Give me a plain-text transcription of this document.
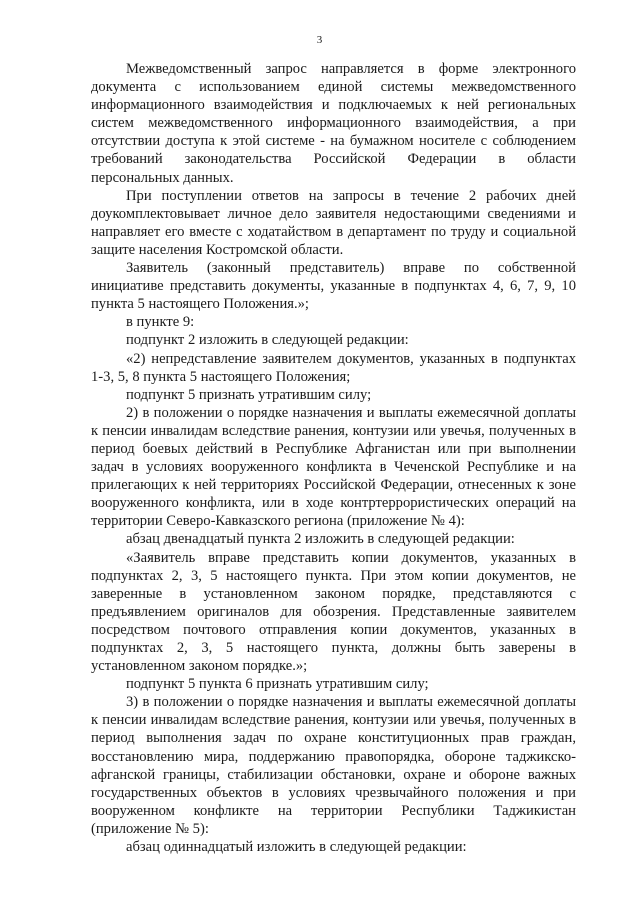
3

Межведомственный запрос направляется в форме электронного документа с использованием единой системы межведомственного информационного взаимодействия и подключаемых к ней региональных систем межведомственного информационного взаимодействия, а при отсутствии доступа к этой системе - на бумажном носителе с соблюдением требований законодательства Российской Федерации в области персональных данных.

При поступлении ответов на запросы в течение 2 рабочих дней доукомплектовывает личное дело заявителя недостающими сведениями и направляет его вместе с ходатайством в департамент по труду и социальной защите населения Костромской области.

Заявитель (законный представитель) вправе по собственной инициативе представить документы, указанные в подпунктах 4, 6, 7, 9, 10 пункта 5 настоящего Положения.»;

в пункте 9:

подпункт 2 изложить в следующей редакции:

«2) непредставление заявителем документов, указанных в подпунктах 1-3, 5, 8 пункта 5 настоящего Положения;

подпункт 5 признать утратившим силу;

2) в положении о порядке назначения и выплаты ежемесячной доплаты к пенсии инвалидам вследствие ранения, контузии или увечья, полученных в период боевых действий в Республике Афганистан или при выполнении задач в условиях вооруженного конфликта в Чеченской Республике и на прилегающих к ней территориях Российской Федерации, отнесенных к зоне вооруженного конфликта, или в ходе контртеррористических операций на территории Северо-Кавказского региона (приложение № 4):

абзац двенадцатый пункта 2 изложить в следующей редакции:

«Заявитель вправе представить копии документов, указанных в подпунктах 2, 3, 5 настоящего пункта. При этом копии документов, не заверенные в установленном законом порядке, представляются с предъявлением оригиналов для обозрения. Представленные заявителем посредством почтового отправления копии документов, указанных в подпунктах 2, 3, 5 настоящего пункта, должны быть заверены в установленном законом порядке.»;

подпункт 5 пункта 6 признать утратившим силу;

3) в положении о порядке назначения и выплаты ежемесячной доплаты к пенсии инвалидам вследствие ранения, контузии или увечья, полученных в период выполнения задач по охране конституционных прав граждан, восстановлению мира, поддержанию правопорядка, обороне таджикско-афганской границы, стабилизации обстановки, охране и обороне важных государственных объектов в условиях чрезвычайного положения и при вооруженном конфликте на территории Республики Таджикистан (приложение № 5):

абзац одиннадцатый изложить в следующей редакции:
